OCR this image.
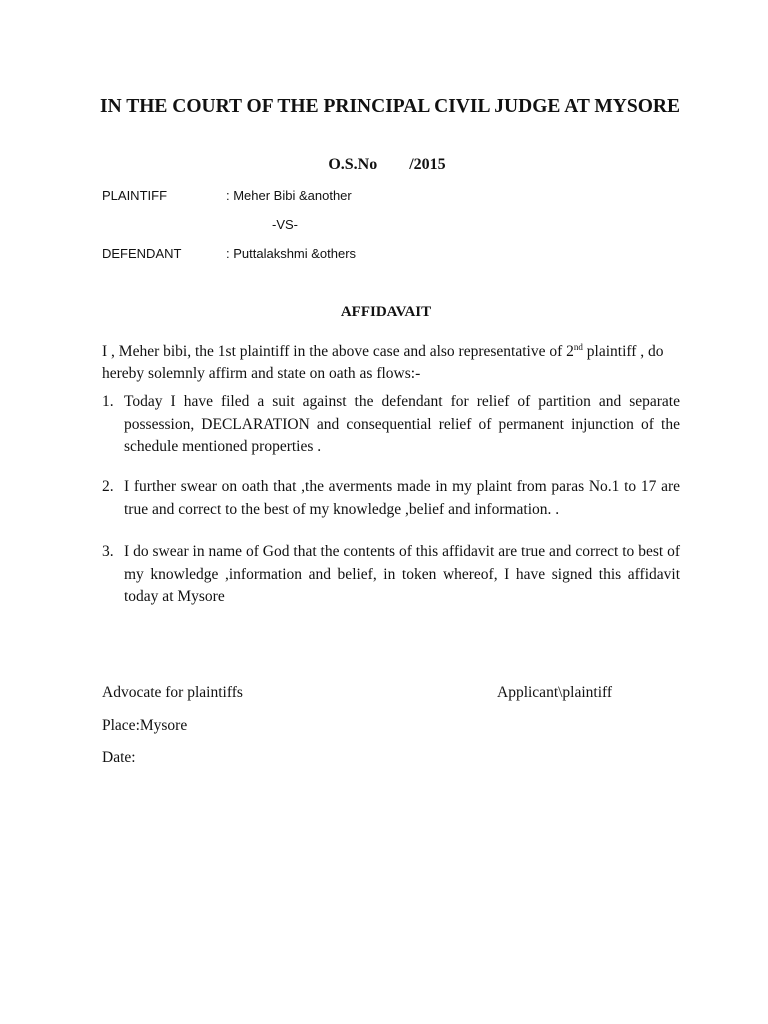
IN THE COURT OF THE PRINCIPAL CIVIL JUDGE AT MYSORE
O.S.No /2015
PLAINTIFF	: Meher Bibi &another
-VS-
DEFENDANT	: Puttalakshmi &others
AFFIDAVAIT
I , Meher bibi, the 1st plaintiff in the above case and also representative of 2nd plaintiff , do hereby solemnly affirm and state on oath as flows:-
1. Today I have filed a suit against the defendant for relief of partition and separate possession, DECLARATION and consequential relief of permanent injunction of the schedule mentioned properties .
2. I further swear on oath that ,the averments made in my plaint from paras No.1 to 17 are true and correct to the best of my knowledge ,belief and information. .
3. I do swear in name of God that the contents of this affidavit are true and correct to best of my knowledge ,information and belief, in token whereof, I have signed this affidavit today at Mysore
Advocate for plaintiffs	Applicant\plaintiff
Place:Mysore
Date:
